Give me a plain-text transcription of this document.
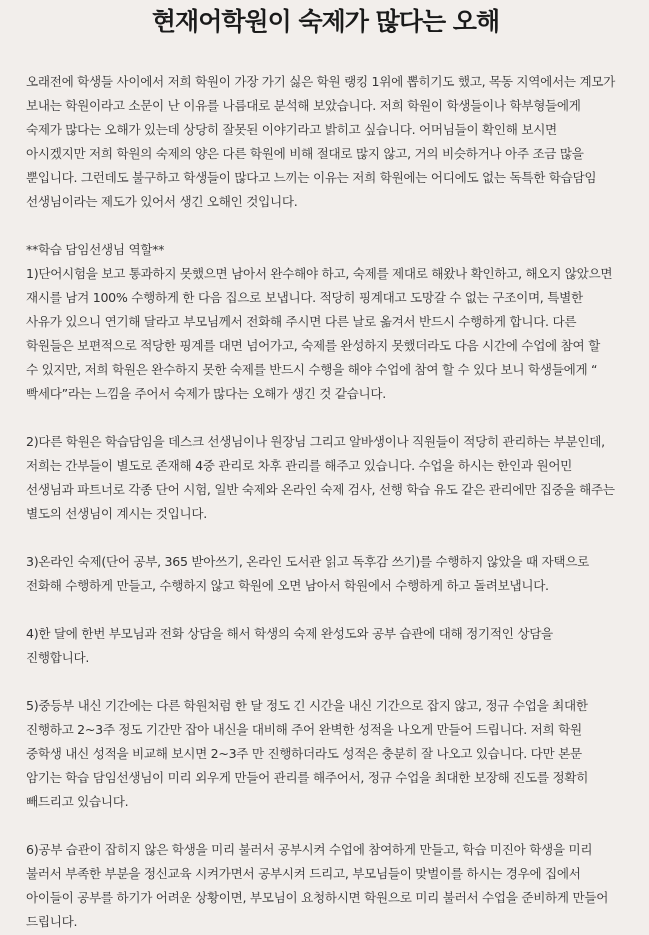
현재어학원이 숙제가 많다는 오해
오래전에 학생들 사이에서 저희 학원이 가장 가기 싫은 학원 랭킹 1위에 뽑히기도 했고, 목동 지역에서는 계모가
보내는 학원이라고 소문이 난 이유를 나름대로 분석해 보았습니다. 저희 학원이 학생들이나 학부형들에게
숙제가 많다는 오해가 있는데 상당히 잘못된 이야기라고 밝히고 싶습니다. 어머님들이 확인해 보시면
아시겠지만 저희 학원의 숙제의 양은 다른 학원에 비해 절대로 많지 않고, 거의 비슷하거나 아주 조금 많을
뿐입니다. 그런데도 불구하고 학생들이 많다고 느끼는 이유는 저희 학원에는 어디에도 없는 독특한 학습담임
선생님이라는 제도가 있어서 생긴 오해인 것입니다.
**학습 담임선생님 역할**
1)단어시험을 보고 통과하지 못했으면 남아서 완수해야 하고, 숙제를 제대로 해왔나 확인하고, 해오지 않았으면
재시를 남겨 100% 수행하게 한 다음 집으로 보냅니다. 적당히 핑계대고 도망갈 수 없는 구조이며, 특별한
사유가 있으니 연기해 달라고 부모님께서 전화해 주시면 다른 날로 옮겨서 반드시 수행하게 합니다. 다른
학원들은 보편적으로 적당한 핑계를 대면 넘어가고, 숙제를 완성하지 못했더라도 다음 시간에 수업에 참여 할
수 있지만, 저희 학원은 완수하지 못한 숙제를 반드시 수행을 해야 수업에 참여 할 수 있다 보니 학생들에게 “
빡세다”라는 느낌을 주어서 숙제가 많다는 오해가 생긴 것 같습니다.
2)다른 학원은 학습담임을 데스크 선생님이나 원장님 그리고 알바생이나 직원들이 적당히 관리하는 부분인데,
저희는 간부들이 별도로 존재해 4중 관리로 차후 관리를 해주고 있습니다. 수업을 하시는 한인과 원어민
선생님과 파트너로 각종 단어 시험, 일반 숙제와 온라인 숙제 검사, 선행 학습 유도 같은 관리에만 집중을 해주는
별도의 선생님이 계시는 것입니다.
3)온라인 숙제(단어 공부, 365 받아쓰기, 온라인 도서관 읽고 독후감 쓰기)를 수행하지 않았을 때 자택으로
전화해 수행하게 만들고, 수행하지 않고 학원에 오면 남아서 학원에서 수행하게 하고 돌려보냅니다.
4)한 달에 한번 부모님과 전화 상담을 해서 학생의 숙제 완성도와 공부 습관에 대해 정기적인 상담을
진행합니다.
5)중등부 내신 기간에는 다른 학원처럼 한 달 정도 긴 시간을 내신 기간으로 잡지 않고, 정규 수업을 최대한
진행하고 2~3주 정도 기간만 잡아 내신을 대비해 주어 완벽한 성적을 나오게 만들어 드립니다. 저희 학원
중학생 내신 성적을 비교해 보시면 2~3주 만 진행하더라도 성적은 충분히 잘 나오고 있습니다. 다만 본문
암기는 학습 담임선생님이 미리 외우게 만들어 관리를 해주어서, 정규 수업을 최대한 보장해 진도를 정확히
빼드리고 있습니다.
6)공부 습관이 잡히지 않은 학생을 미리 불러서 공부시켜 수업에 참여하게 만들고, 학습 미진아 학생을 미리
불러서 부족한 부분을 정신교육 시켜가면서 공부시켜 드리고, 부모님들이 맞벌이를 하시는 경우에 집에서
아이들이 공부를 하기가 어려운 상황이면, 부모님이 요청하시면 학원으로 미리 불러서 수업을 준비하게 만들어
드립니다.
